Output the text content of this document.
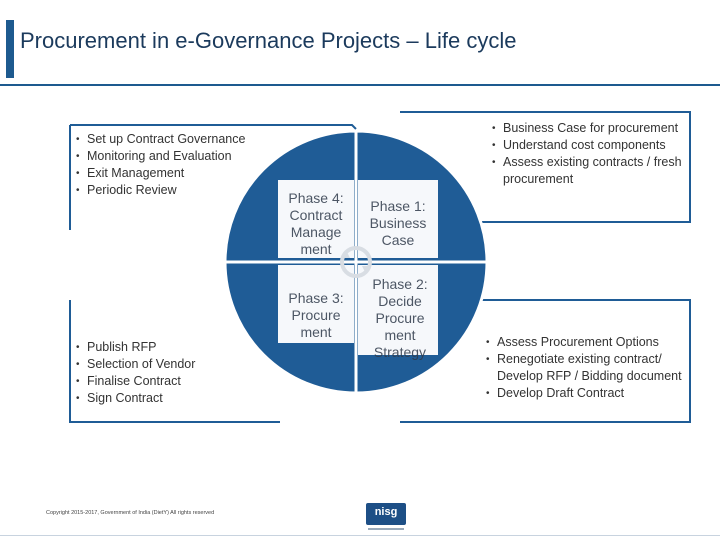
Procurement in e-Governance Projects – Life cycle
Phase 4: Contract Manage ment
Phase 1: Business Case
Phase 3: Procure ment
Phase 2: Decide Procure ment Strategy
• Set up Contract Governance
• Monitoring and Evaluation
• Exit Management
• Periodic Review
• Publish RFP
• Selection of Vendor
• Finalise Contract
• Sign Contract
• Business Case for procurement
• Understand cost components
• Assess existing contracts / fresh procurement
• Assess Procurement Options
• Renegotiate existing contract/ Develop RFP / Bidding document
• Develop Draft Contract
Copyright 2015-2017, Government of India (DietY) All rights reserved	nisg
